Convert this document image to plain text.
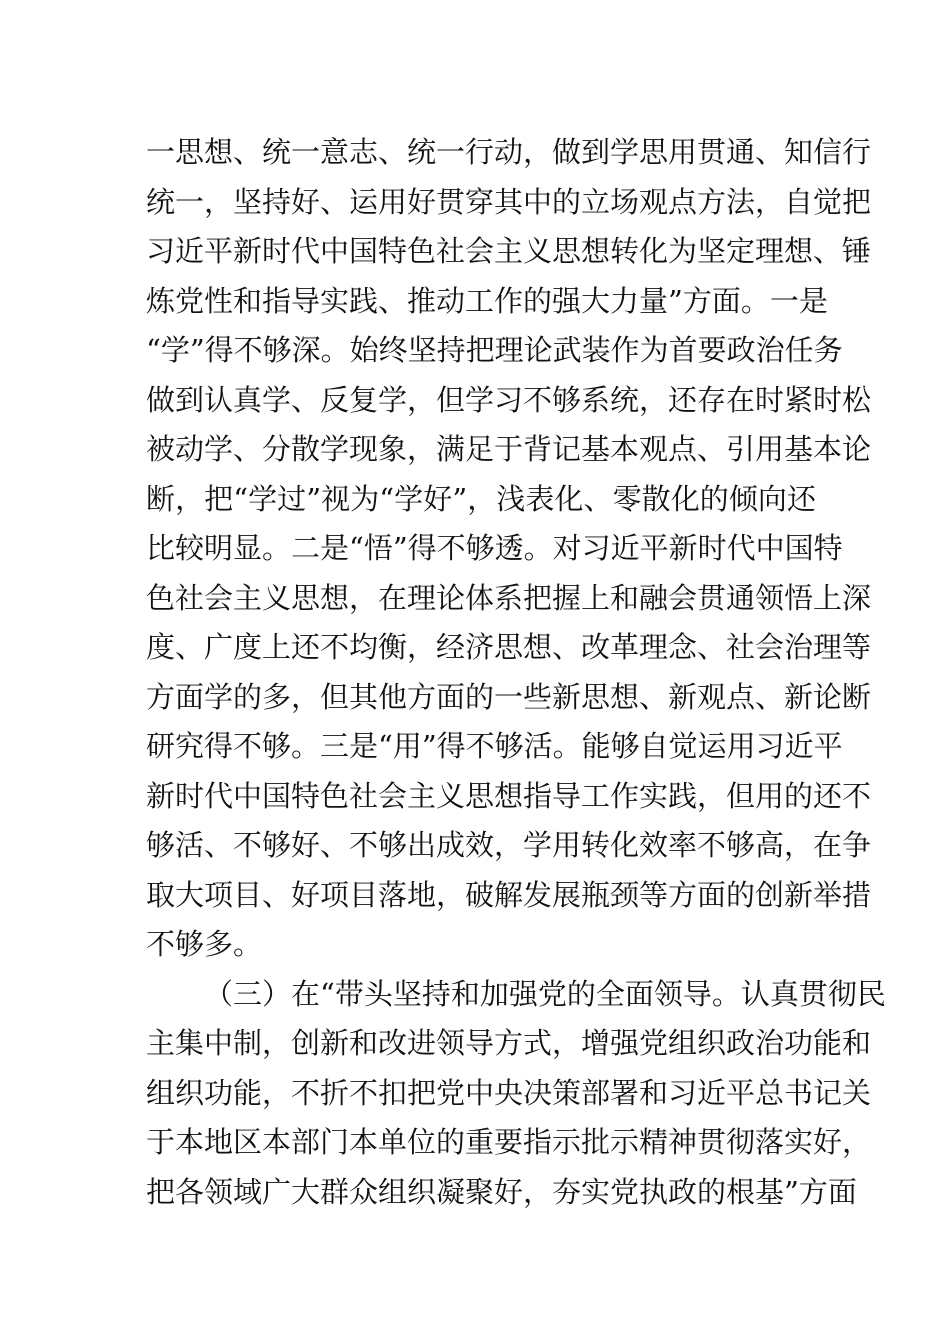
一思想、统一意志、统一行动，做到学思用贯通、知信行
统一，坚持好、运用好贯穿其中的立场观点方法，自觉把
习近平新时代中国特色社会主义思想转化为坚定理想、锤
炼党性和指导实践、推动工作的强大力量”方面。一是
“学”得不够深。始终坚持把理论武装作为首要政治任务
做到认真学、反复学，但学习不够系统，还存在时紧时松
被动学、分散学现象，满足于背记基本观点、引用基本论
断，把“学过”视为“学好”，浅表化、零散化的倾向还
比较明显。二是“悟”得不够透。对习近平新时代中国特
色社会主义思想，在理论体系把握上和融会贯通领悟上深
度、广度上还不均衡，经济思想、改革理念、社会治理等
方面学的多，但其他方面的一些新思想、新观点、新论断
研究得不够。三是“用”得不够活。能够自觉运用习近平
新时代中国特色社会主义思想指导工作实践，但用的还不
够活、不够好、不够出成效，学用转化效率不够高，在争
取大项目、好项目落地，破解发展瓶颈等方面的创新举措
不够多。
（三）在“带头坚持和加强党的全面领导。认真贯彻民
主集中制，创新和改进领导方式，增强党组织政治功能和
组织功能，不折不扣把党中央决策部署和习近平总书记关
于本地区本部门本单位的重要指示批示精神贯彻落实好，
把各领域广大群众组织凝聚好，夯实党执政的根基”方面
